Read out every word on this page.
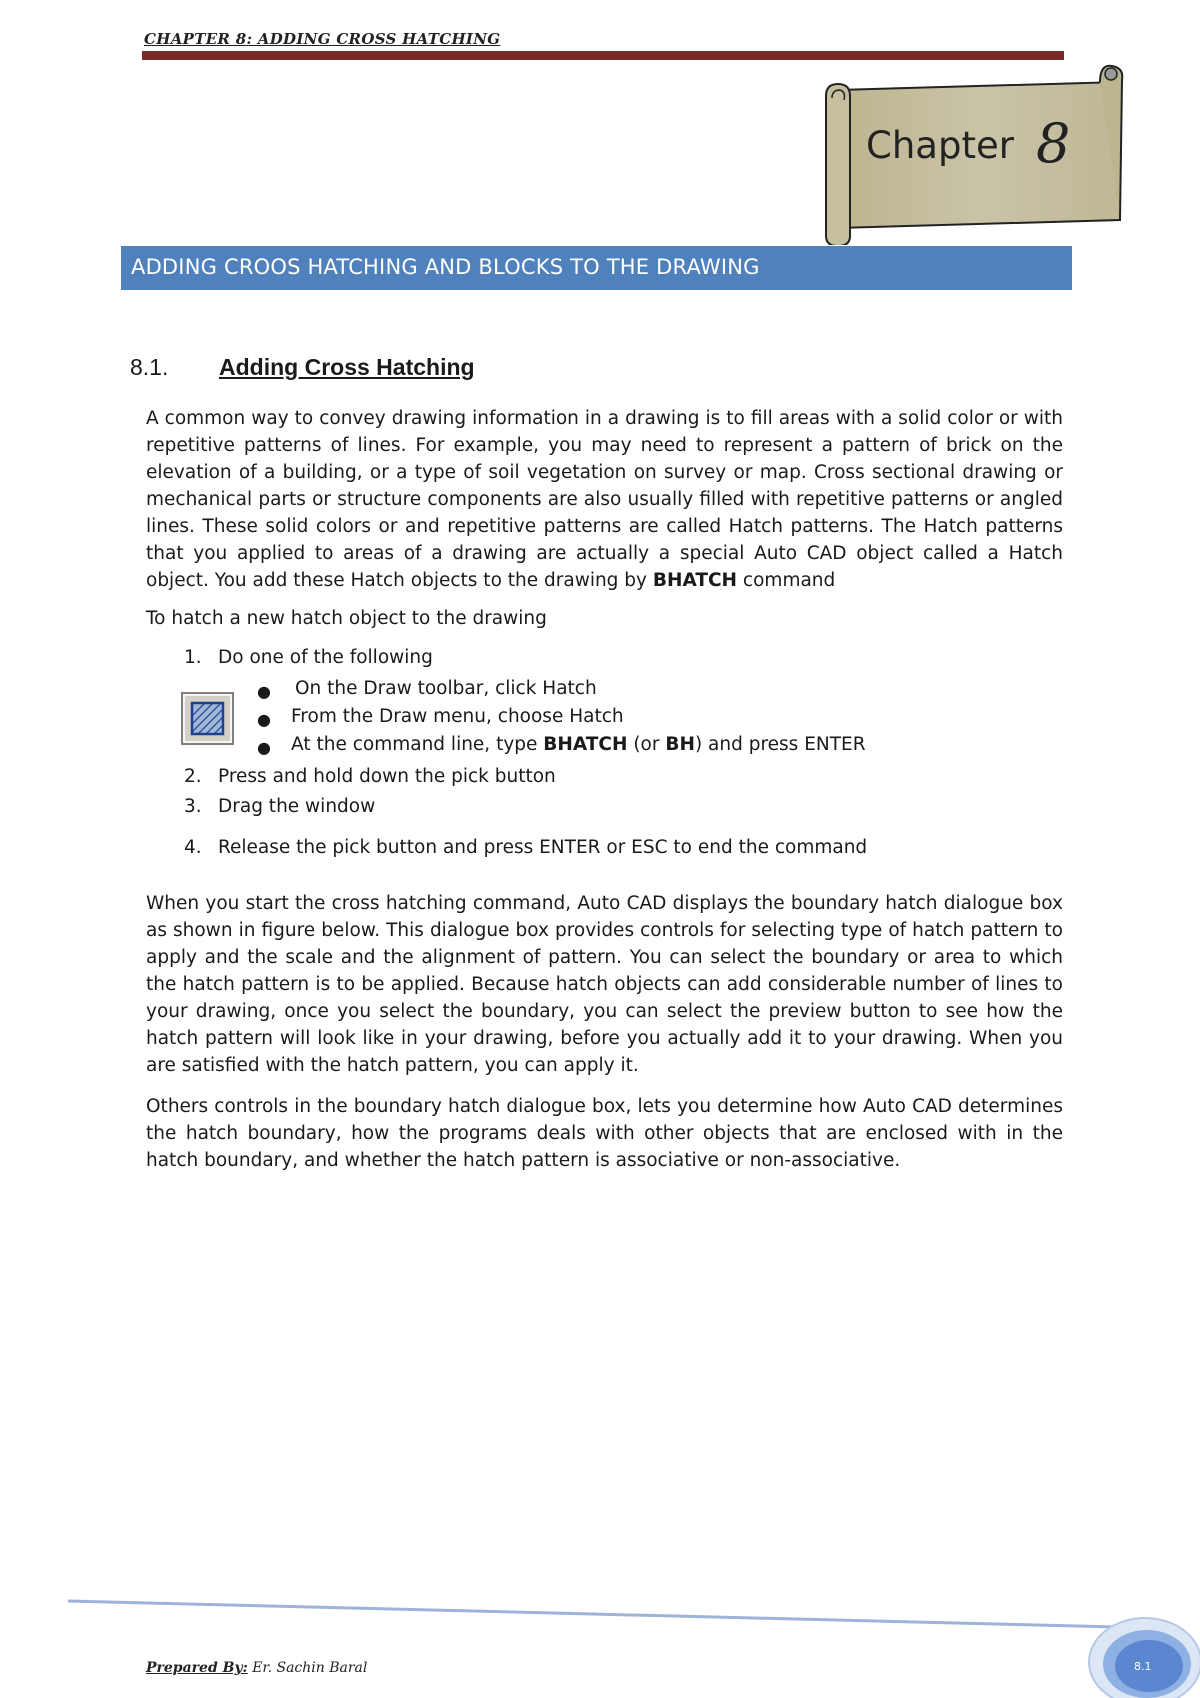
CHAPTER 8: ADDING CROSS HATCHING
Chapter 8
ADDING CROOS HATCHING AND BLOCKS TO THE DRAWING
8.1. Adding Cross Hatching

A common way to convey drawing information in a drawing is to fill areas with a solid color or with repetitive patterns of lines. For example, you may need to represent a pattern of brick on the elevation of a building, or a type of soil vegetation on survey or map. Cross sectional drawing or mechanical parts or structure components are also usually filled with repetitive patterns or angled lines. These solid colors or and repetitive patterns are called Hatch patterns. The Hatch patterns that you applied to areas of a drawing are actually a special Auto CAD object called a Hatch object. You add these Hatch objects to the drawing by BHATCH command

To hatch a new hatch object to the drawing
1. Do one of the following
● On the Draw toolbar, click Hatch
● From the Draw menu, choose Hatch
● At the command line, type BHATCH (or BH) and press ENTER
2. Press and hold down the pick button
3. Drag the window
4. Release the pick button and press ENTER or ESC to end the command

When you start the cross hatching command, Auto CAD displays the boundary hatch dialogue box as shown in figure below. This dialogue box provides controls for selecting type of hatch pattern to apply and the scale and the alignment of pattern. You can select the boundary or area to which the hatch pattern is to be applied. Because hatch objects can add considerable number of lines to your drawing, once you select the boundary, you can select the preview button to see how the hatch pattern will look like in your drawing, before you actually add it to your drawing. When you are satisfied with the hatch pattern, you can apply it.

Others controls in the boundary hatch dialogue box, lets you determine how Auto CAD determines the hatch boundary, how the programs deals with other objects that are enclosed with in the hatch boundary, and whether the hatch pattern is associative or non-associative.

8.1
Prepared By: Er. Sachin Baral
